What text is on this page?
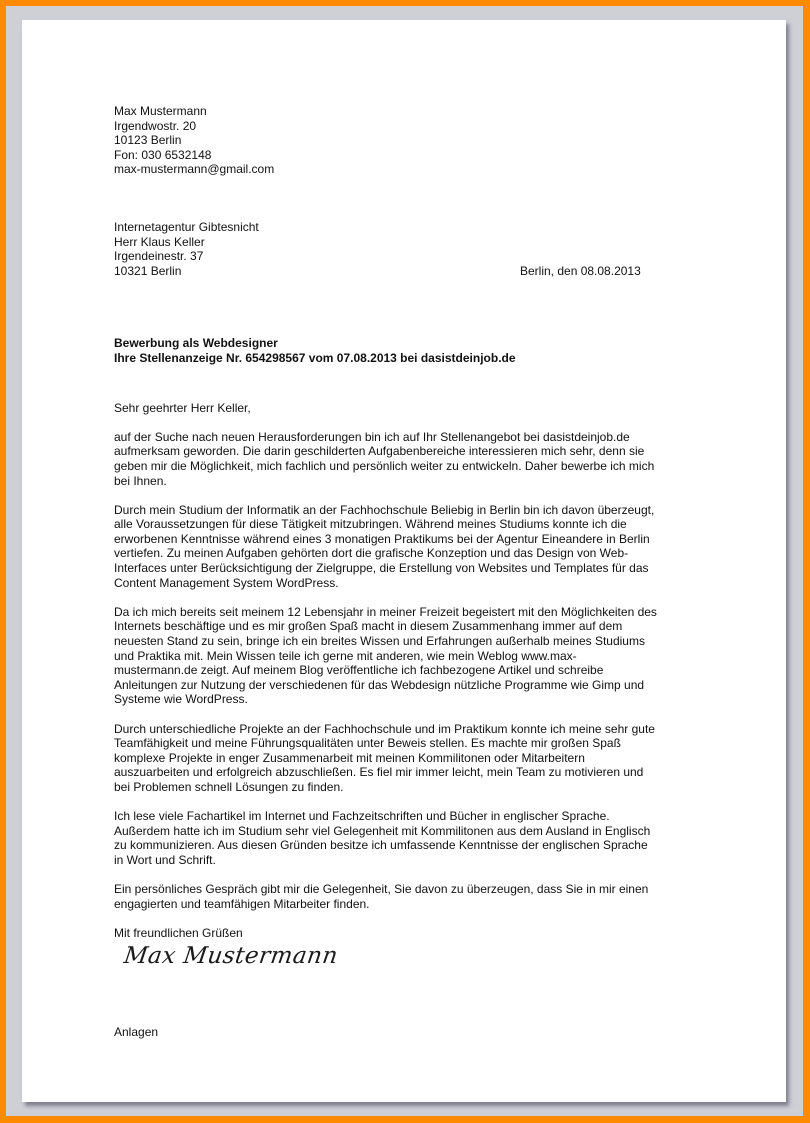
Max Mustermann
Irgendwostr. 20
10123 Berlin
Fon: 030 6532148
max-mustermann@gmail.com
Internetagentur Gibtesnicht
Herr Klaus Keller
Irgendeinestr. 37
10321 Berlin	Berlin, den 08.08.2013
Bewerbung als Webdesigner
Ihre Stellenanzeige Nr. 654298567 vom 07.08.2013 bei dasistdeinjob.de
Sehr geehrter Herr Keller,
auf der Suche nach neuen Herausforderungen bin ich auf Ihr Stellenangebot bei dasistdeinjob.de
aufmerksam geworden. Die darin geschilderten Aufgabenbereiche interessieren mich sehr, denn sie
geben mir die Möglichkeit, mich fachlich und persönlich weiter zu entwickeln. Daher bewerbe ich mich
bei Ihnen.
Durch mein Studium der Informatik an der Fachhochschule Beliebig in Berlin bin ich davon überzeugt,
alle Voraussetzungen für diese Tätigkeit mitzubringen. Während meines Studiums konnte ich die
erworbenen Kenntnisse während eines 3 monatigen Praktikums bei der Agentur Eineandere in Berlin
vertiefen. Zu meinen Aufgaben gehörten dort die grafische Konzeption und das Design von Web-
Interfaces unter Berücksichtigung der Zielgruppe, die Erstellung von Websites und Templates für das
Content Management System WordPress.
Da ich mich bereits seit meinem 12 Lebensjahr in meiner Freizeit begeistert mit den Möglichkeiten des
Internets beschäftige und es mir großen Spaß macht in diesem Zusammenhang immer auf dem
neuesten Stand zu sein, bringe ich ein breites Wissen und Erfahrungen außerhalb meines Studiums
und Praktika mit. Mein Wissen teile ich gerne mit anderen, wie mein Weblog www.max-
mustermann.de zeigt. Auf meinem Blog veröffentliche ich fachbezogene Artikel und schreibe
Anleitungen zur Nutzung der verschiedenen für das Webdesign nützliche Programme wie Gimp und
Systeme wie WordPress.
Durch unterschiedliche Projekte an der Fachhochschule und im Praktikum konnte ich meine sehr gute
Teamfähigkeit und meine Führungsqualitäten unter Beweis stellen. Es machte mir großen Spaß
komplexe Projekte in enger Zusammenarbeit mit meinen Kommilitonen oder Mitarbeitern
auszuarbeiten und erfolgreich abzuschließen. Es fiel mir immer leicht, mein Team zu motivieren und
bei Problemen schnell Lösungen zu finden.
Ich lese viele Fachartikel im Internet und Fachzeitschriften und Bücher in englischer Sprache.
Außerdem hatte ich im Studium sehr viel Gelegenheit mit Kommilitonen aus dem Ausland in Englisch
zu kommunizieren. Aus diesen Gründen besitze ich umfassende Kenntnisse der englischen Sprache
in Wort und Schrift.
Ein persönliches Gespräch gibt mir die Gelegenheit, Sie davon zu überzeugen, dass Sie in mir einen
engagierten und teamfähigen Mitarbeiter finden.
Mit freundlichen Grüßen
Max Mustermann
Anlagen
